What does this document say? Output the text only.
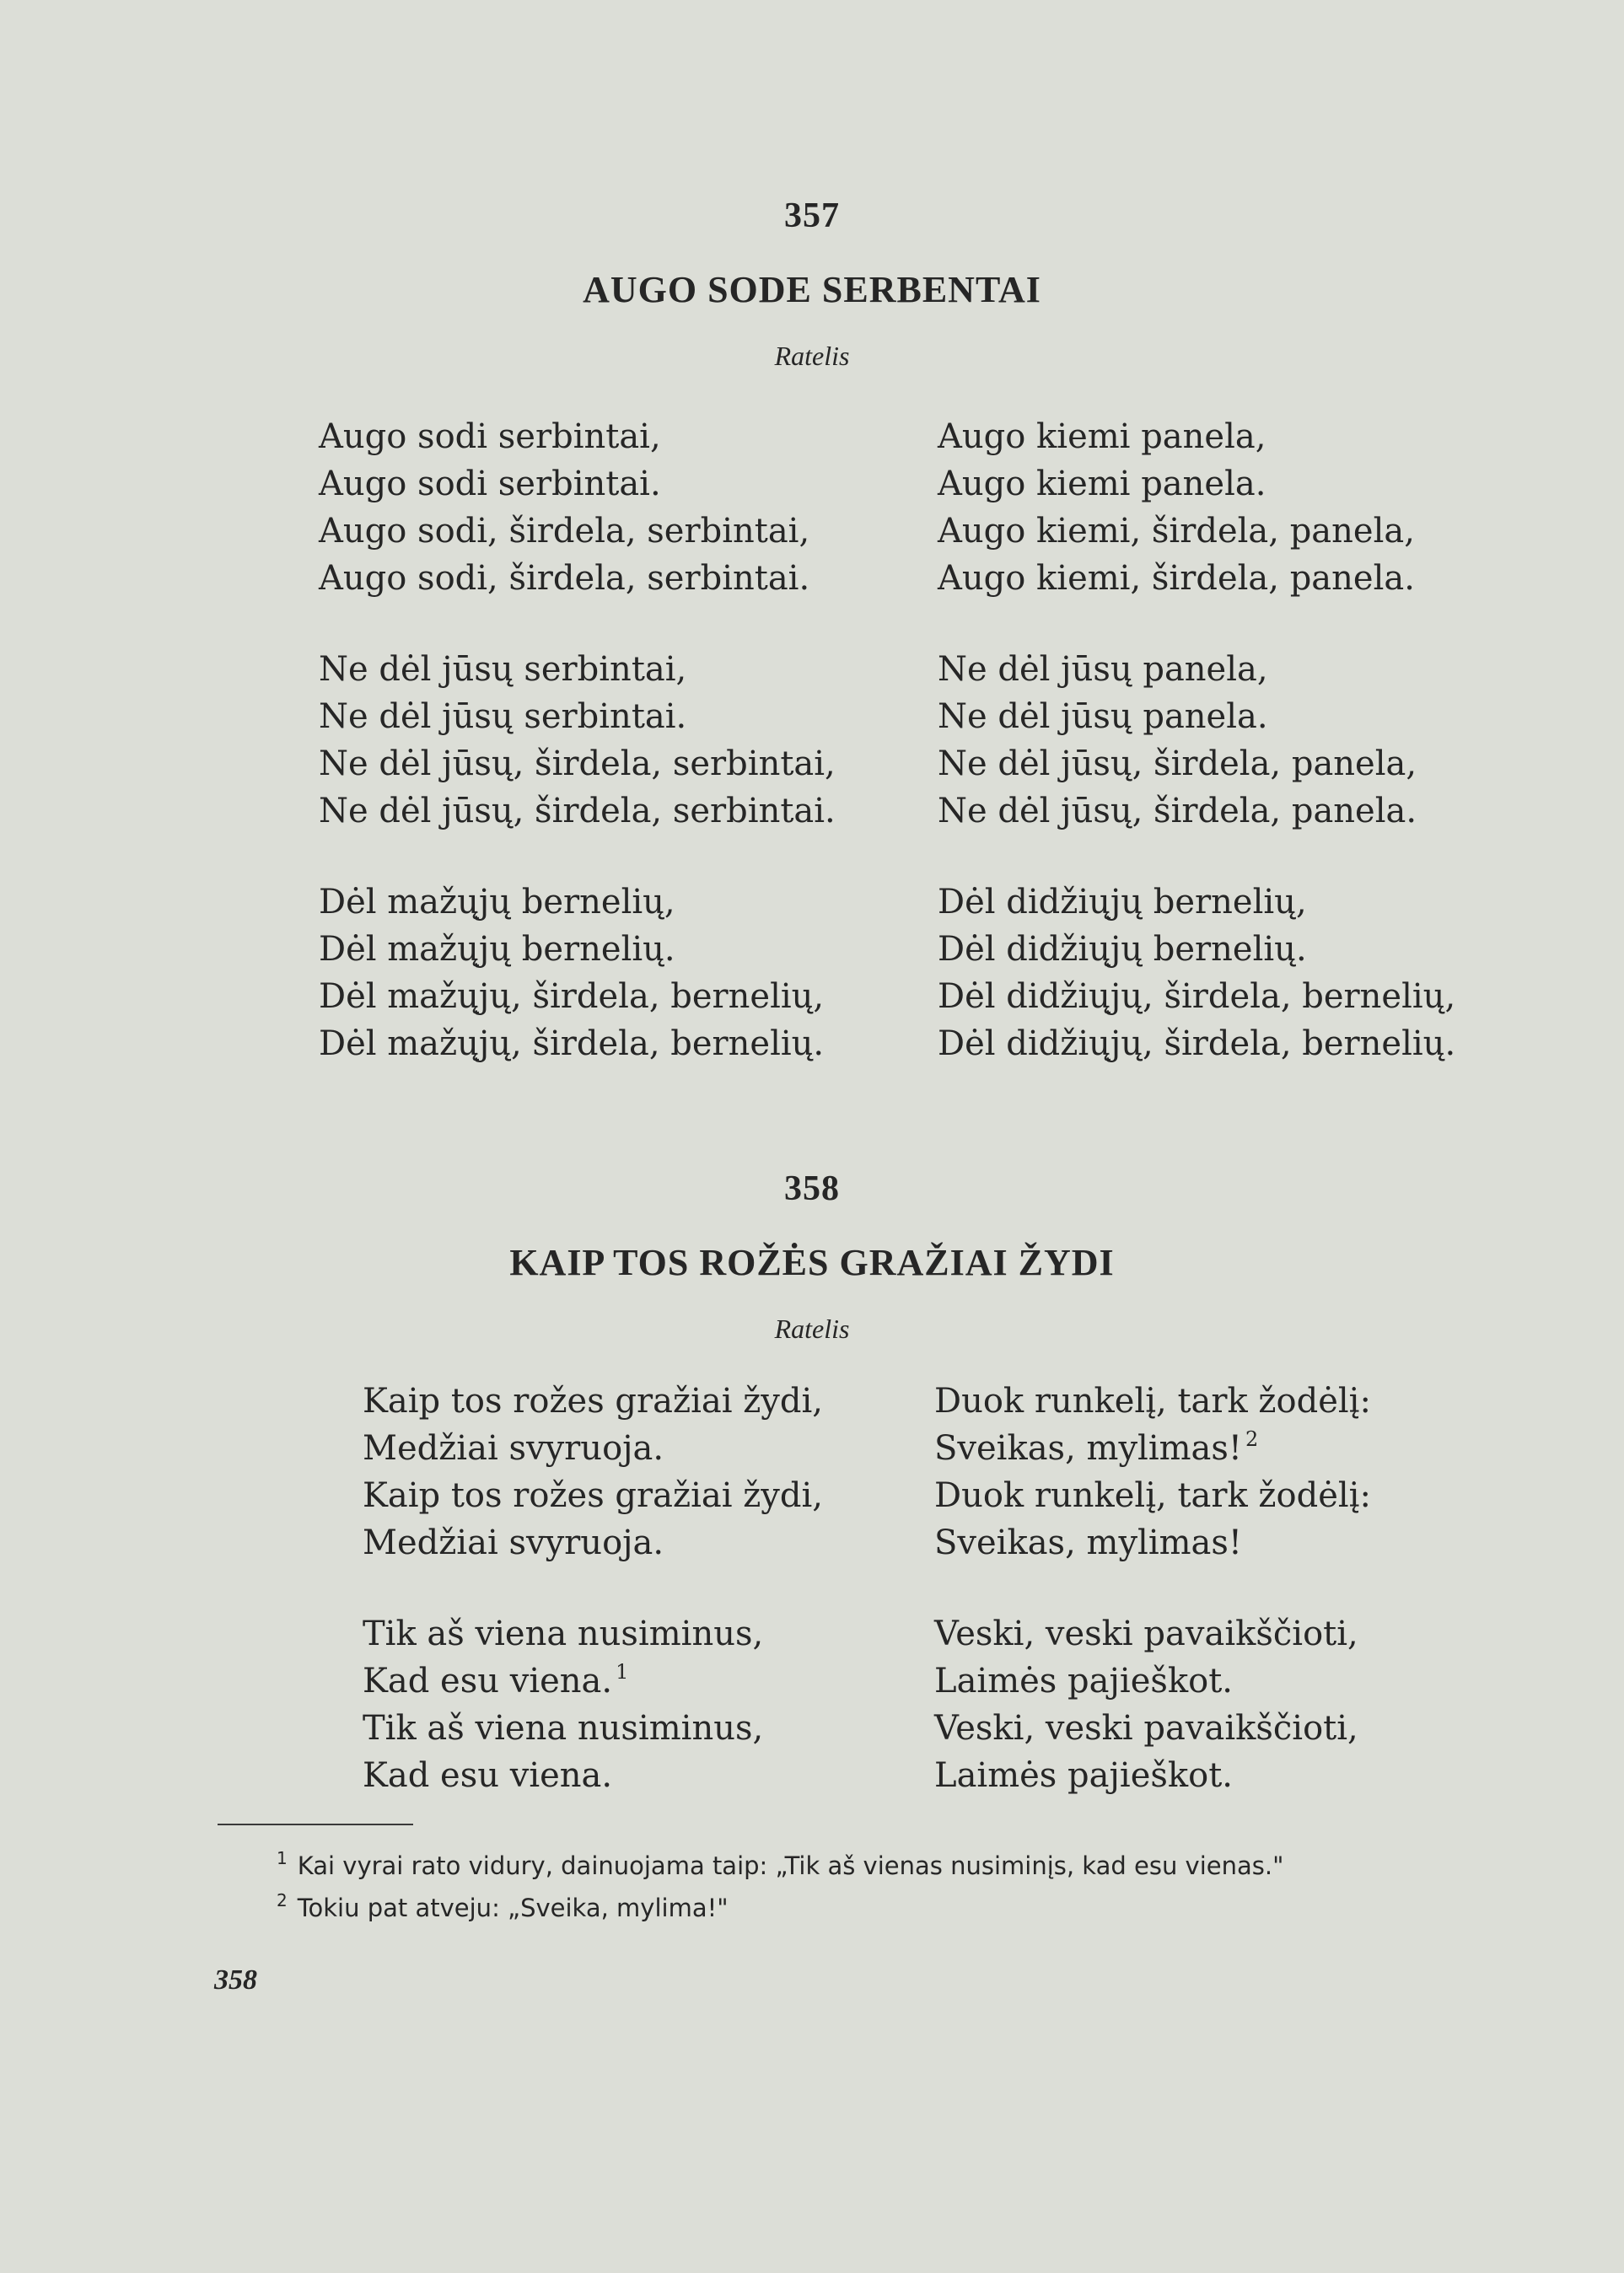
357
AUGO SODE SERBENTAI
Ratelis
Augo sodi serbintai,
Augo sodi serbintai.
Augo sodi, širdela, serbintai,
Augo sodi, širdela, serbintai.
Ne dėl jūsų serbintai,
Ne dėl jūsų serbintai.
Ne dėl jūsų, širdela, serbintai,
Ne dėl jūsų, širdela, serbintai.
Dėl mažųjų bernelių,
Dėl mažųjų bernelių.
Dėl mažųjų, širdela, bernelių,
Dėl mažųjų, širdela, bernelių.
Augo kiemi panela,
Augo kiemi panela.
Augo kiemi, širdela, panela,
Augo kiemi, širdela, panela.
Ne dėl jūsų panela,
Ne dėl jūsų panela.
Ne dėl jūsų, širdela, panela,
Ne dėl jūsų, širdela, panela.
Dėl didžiųjų bernelių,
Dėl didžiųjų bernelių.
Dėl didžiųjų, širdela, bernelių,
Dėl didžiųjų, širdela, bernelių.
358
KAIP TOS ROŽĖS GRAŽIAI ŽYDI
Ratelis
Kaip tos rožes gražiai žydi,
Medžiai svyruoja.
Kaip tos rožes gražiai žydi,
Medžiai svyruoja.
Tik aš viena nusiminus,
Kad esu viena. $^1$
Tik aš viena nusiminus,
Kad esu viena.
Duok runkelį, tark žodėlį:
Sveikas, mylimas! $^2$
Duok runkelį, tark žodėlį:
Sveikas, mylimas!
Veski, veski pavaikščioti,
Laimės pajieškot.
Veski, veski pavaikščioti,
Laimės pajieškot.
$^1$ Kai vyrai rato vidury, dainuojama taip: „Tik aš vienas nusiminįs, kad esu vienas."
$^2$ Tokiu pat atveju: „Sveika, mylima!"
358
